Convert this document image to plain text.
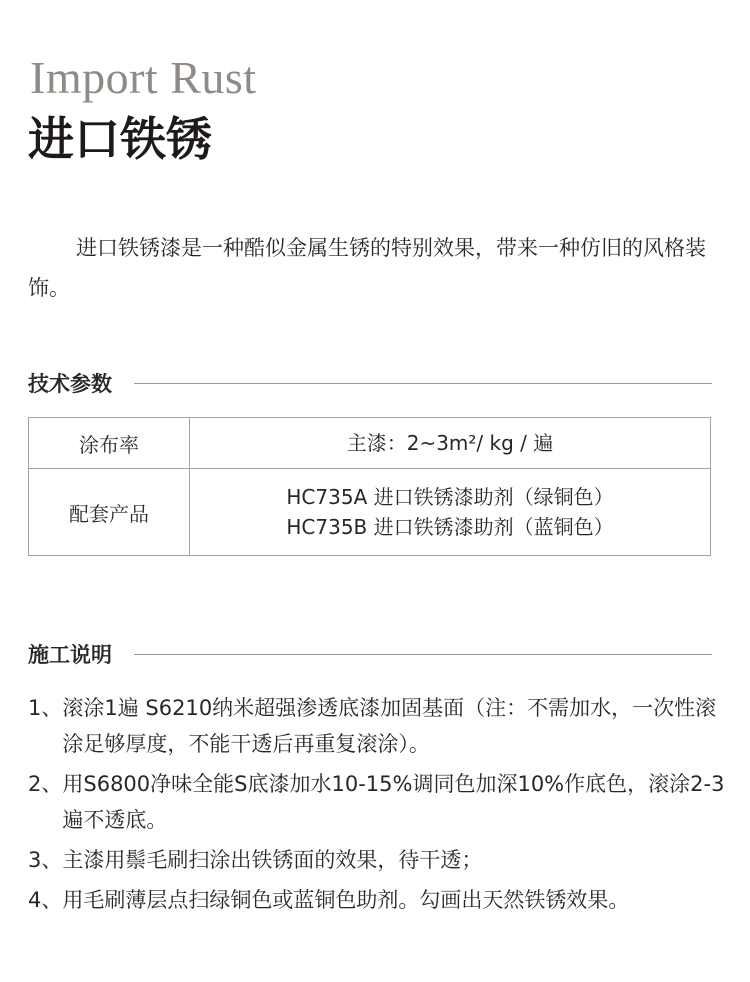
Import Rust
进口铁锈

进口铁锈漆是一种酷似金属生锈的特别效果，带来一种仿旧的风格装饰。

技术参数
涂布率	主漆：2~3m²/ kg / 遍

配套产品	HC735A 进口铁锈漆助剂（绿铜色）
HC735B 进口铁锈漆助剂（蓝铜色）
施工说明
1、 滚涂1遍 S6210纳米超强渗透底漆加固基面（注：不需加水，一次性滚涂足够厚度，不能干透后再重复滚涂）。
2、 用S6800净味全能S底漆加水10-15%调同色加深10%作底色，滚涂2-3遍不透底。
3、 主漆用鬃毛刷扫涂出铁锈面的效果，待干透；
4、 用毛刷薄层点扫绿铜色或蓝铜色助剂。勾画出天然铁锈效果。
